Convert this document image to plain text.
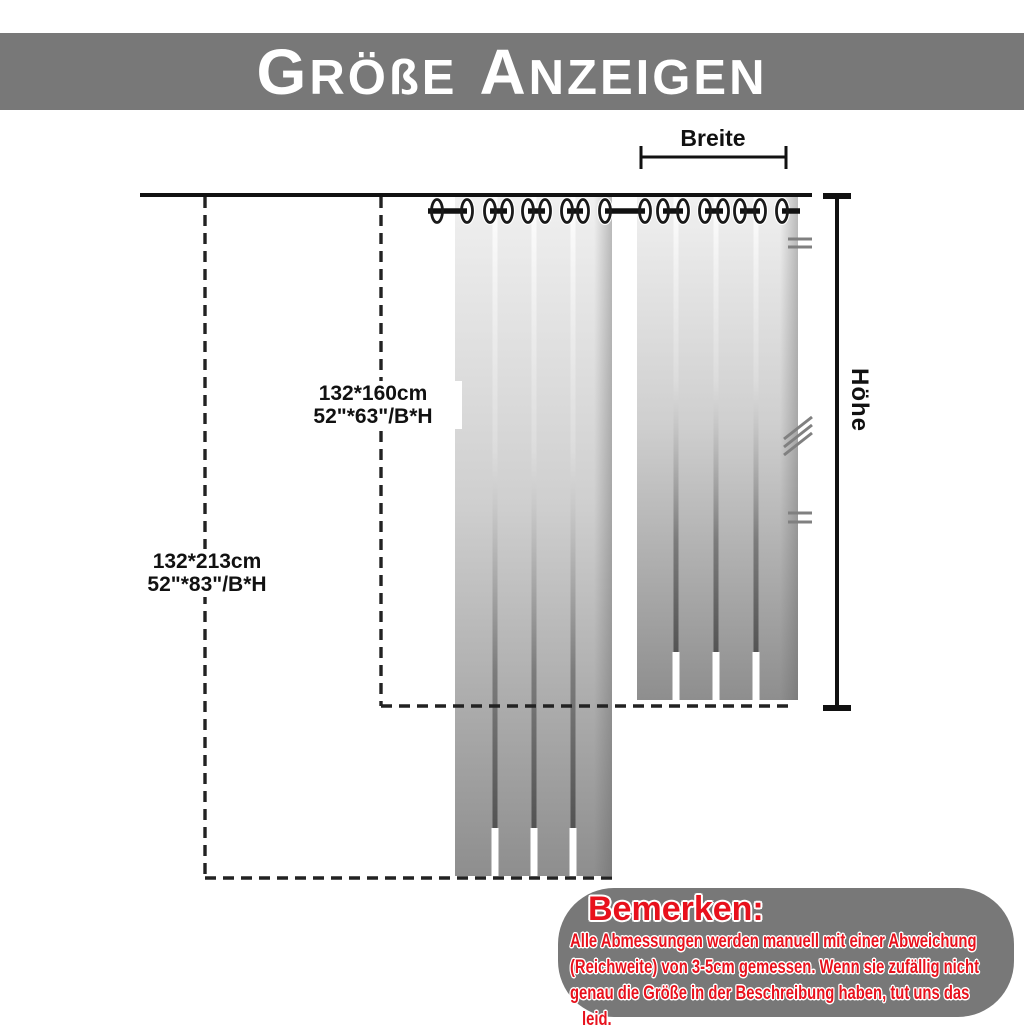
G RÖßE A NZEIGEN
Breite
Höhe
132*160cm
52"*63"/B*H
132*213cm
52"*83"/B*H
Bemerken:
Alle Abmessungen werden manuell mit einer Abweichung
(Reichweite) von 3-5cm gemessen. Wenn sie zufällig nicht
genau die Größe in der Beschreibung haben, tut uns das
leid.
